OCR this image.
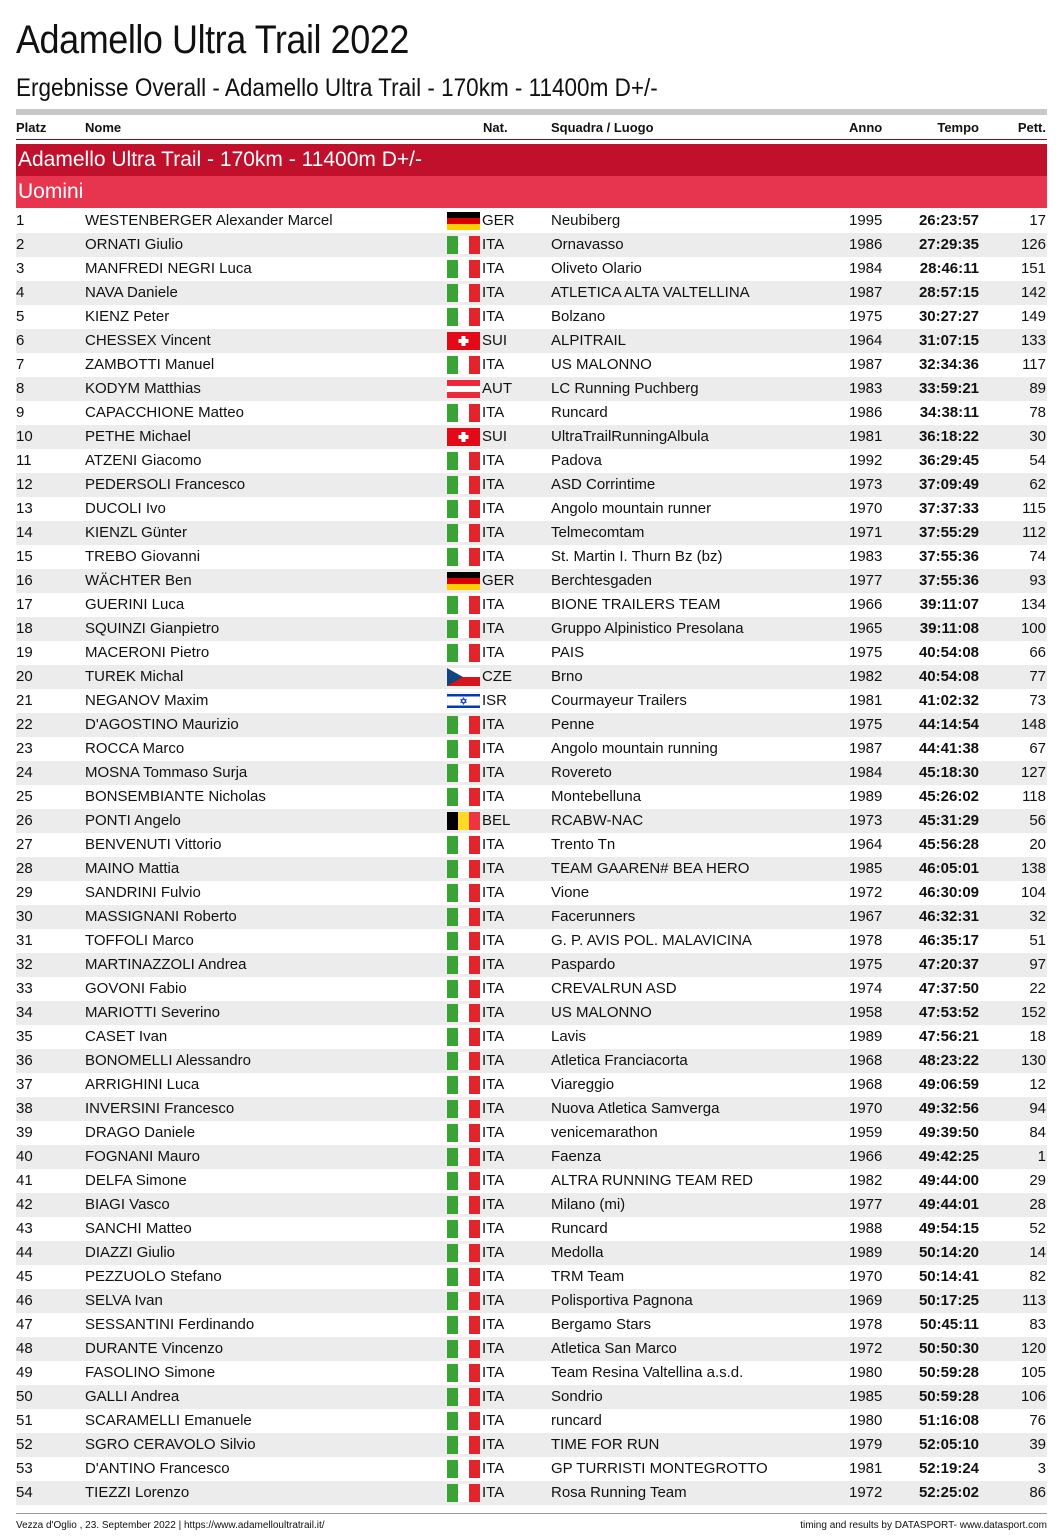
Adamello Ultra Trail 2022
Ergebnisse Overall - Adamello Ultra Trail - 170km - 11400m D+/-
Platz	Nome	Nat.	Squadra / Luogo	Anno	Tempo	Pett.
Adamello Ultra Trail - 170km - 11400m D+/-
Uomini
1	WESTENBERGER Alexander Marcel	GER Neubiberg	1995 26:23:57	17
2	ORNATI Giulio	ITA	Ornavasso	1986 27:29:35	126
3	MANFREDI NEGRI Luca	ITA	Oliveto Olario	1984 28:46:11	151
4	NAVA Daniele	ITA	ATLETICA ALTA VALTELLINA	1987 28:57:15	142
5	KIENZ Peter	ITA	Bolzano	1975 30:27:27	149
6	CHESSEX Vincent	SUI	ALPITRAIL	1964 31:07:15	133
7	ZAMBOTTI Manuel	ITA	US MALONNO	1987 32:34:36	117
8	KODYM Matthias	AUT	LC Running Puchberg	1983 33:59:21	89
9	CAPACCHIONE Matteo	ITA	Runcard	1986 34:38:11	78
10	PETHE Michael	SUI	UltraTrailRunningAlbula	1981 36:18:22	30
11	ATZENI Giacomo	ITA	Padova	1992 36:29:45	54
12	PEDERSOLI Francesco	ITA	ASD Corrintime	1973 37:09:49	62
13	DUCOLI Ivo	ITA	Angolo mountain runner	1970 37:37:33	115
14	KIENZL Günter	ITA	Telmecomtam	1971 37:55:29	112
15	TREBO Giovanni	ITA	St. Martin I. Thurn Bz (bz)	1983 37:55:36	74
16	WÄCHTER Ben	GER Berchtesgaden	1977 37:55:36	93
17	GUERINI Luca	ITA	BIONE TRAILERS TEAM	1966 39:11:07	134
18	SQUINZI Gianpietro	ITA	Gruppo Alpinistico Presolana	1965 39:11:08	100
19	MACERONI Pietro	ITA	PAIS	1975 40:54:08	66
20	TUREK Michal	CZE	Brno	1982 40:54:08	77
21	NEGANOV Maxim	ISR	Courmayeur Trailers	1981 41:02:32	73
22	D'AGOSTINO Maurizio	ITA	Penne	1975 44:14:54	148
23	ROCCA Marco	ITA	Angolo mountain running	1987 44:41:38	67
24	MOSNA Tommaso Surja	ITA	Rovereto	1984 45:18:30	127
25	BONSEMBIANTE Nicholas	ITA	Montebelluna	1989 45:26:02	118
26	PONTI Angelo	BEL	RCABW-NAC	1973 45:31:29	56
27	BENVENUTI Vittorio	ITA	Trento Tn	1964 45:56:28	20
28	MAINO Mattia	ITA	TEAM GAAREN# BEA HERO	1985 46:05:01	138
29	SANDRINI Fulvio	ITA	Vione	1972 46:30:09	104
30	MASSIGNANI Roberto	ITA	Facerunners	1967 46:32:31	32
31	TOFFOLI Marco	ITA	G. P. AVIS POL. MALAVICINA	1978 46:35:17	51
32	MARTINAZZOLI Andrea	ITA	Paspardo	1975 47:20:37	97
33	GOVONI Fabio	ITA	CREVALRUN ASD	1974 47:37:50	22
34	MARIOTTI Severino	ITA	US MALONNO	1958 47:53:52	152
35	CASET Ivan	ITA	Lavis	1989 47:56:21	18
36	BONOMELLI Alessandro	ITA	Atletica Franciacorta	1968 48:23:22	130
37	ARRIGHINI Luca	ITA	Viareggio	1968 49:06:59	12
38	INVERSINI Francesco	ITA	Nuova Atletica Samverga	1970 49:32:56	94
39	DRAGO Daniele	ITA	venicemarathon	1959 49:39:50	84
40	FOGNANI Mauro	ITA	Faenza	1966 49:42:25	1
41	DELFA Simone	ITA	ALTRA RUNNING TEAM RED	1982 49:44:00	29
42	BIAGI Vasco	ITA	Milano (mi)	1977 49:44:01	28
43	SANCHI Matteo	ITA	Runcard	1988 49:54:15	52
44	DIAZZI Giulio	ITA	Medolla	1989 50:14:20	14
45	PEZZUOLO Stefano	ITA	TRM Team	1970 50:14:41	82
46	SELVA Ivan	ITA	Polisportiva Pagnona	1969 50:17:25	113
47	SESSANTINI Ferdinando	ITA	Bergamo Stars	1978 50:45:11	83
48	DURANTE Vincenzo	ITA	Atletica San Marco	1972 50:50:30	120
49	FASOLINO Simone	ITA	Team Resina Valtellina a.s.d.	1980 50:59:28	105
50	GALLI Andrea	ITA	Sondrio	1985 50:59:28	106
51	SCARAMELLI Emanuele	ITA	runcard	1980 51:16:08	76
52	SGRO CERAVOLO Silvio	ITA	TIME FOR RUN	1979 52:05:10	39
53	D'ANTINO Francesco	ITA	GP TURRISTI MONTEGROTTO	1981 52:19:24	3
54	TIEZZI Lorenzo	ITA	Rosa Running Team	1972 52:25:02	86
Vezza d'Oglio , 23. September 2022 | https://www.adamelloultratrail.it/	timing and results by DATASPORT- www.datasport.com
